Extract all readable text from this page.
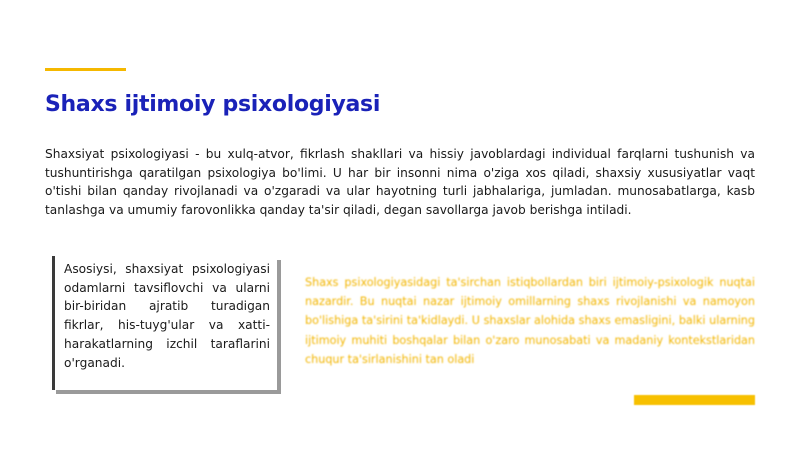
Shaxs ijtimoiy psixologiyasi

Shaxsiyat psixologiyasi - bu xulq-atvor, fikrlash shakllari va hissiy javoblardagi individual farqlarni tushunish va tushuntirishga qaratilgan psixologiya bo'limi. U har bir insonni nima o'ziga xos qiladi, shaxsiy xususiyatlar vaqt o'tishi bilan qanday rivojlanadi va o'zgaradi va ular hayotning turli jabhalariga, jumladan. munosabatlarga, kasb tanlashga va umumiy farovonlikka qanday ta'sir qiladi, degan savollarga javob berishga intiladi.

Asosiysi, shaxsiyat psixologiyasi odamlarni tavsiflovchi va ularni bir-biridan ajratib turadigan fikrlar, his-tuyg'ular va xatti-harakatlarning izchil taraflarini o'rganadi.

Shaxs psixologiyasidagi ta'sirchan istiqbollardan biri ijtimoiy-psixologik nuqtai nazardir. Bu nuqtai nazar ijtimoiy omillarning shaxs rivojlanishi va namoyon bo'lishiga ta'sirini ta'kidlaydi. U shaxslar alohida shaxs emasligini, balki ularning ijtimoiy muhiti boshqalar bilan o'zaro munosabati va madaniy kontekstlaridan chuqur ta'sirlanishini tan oladi
